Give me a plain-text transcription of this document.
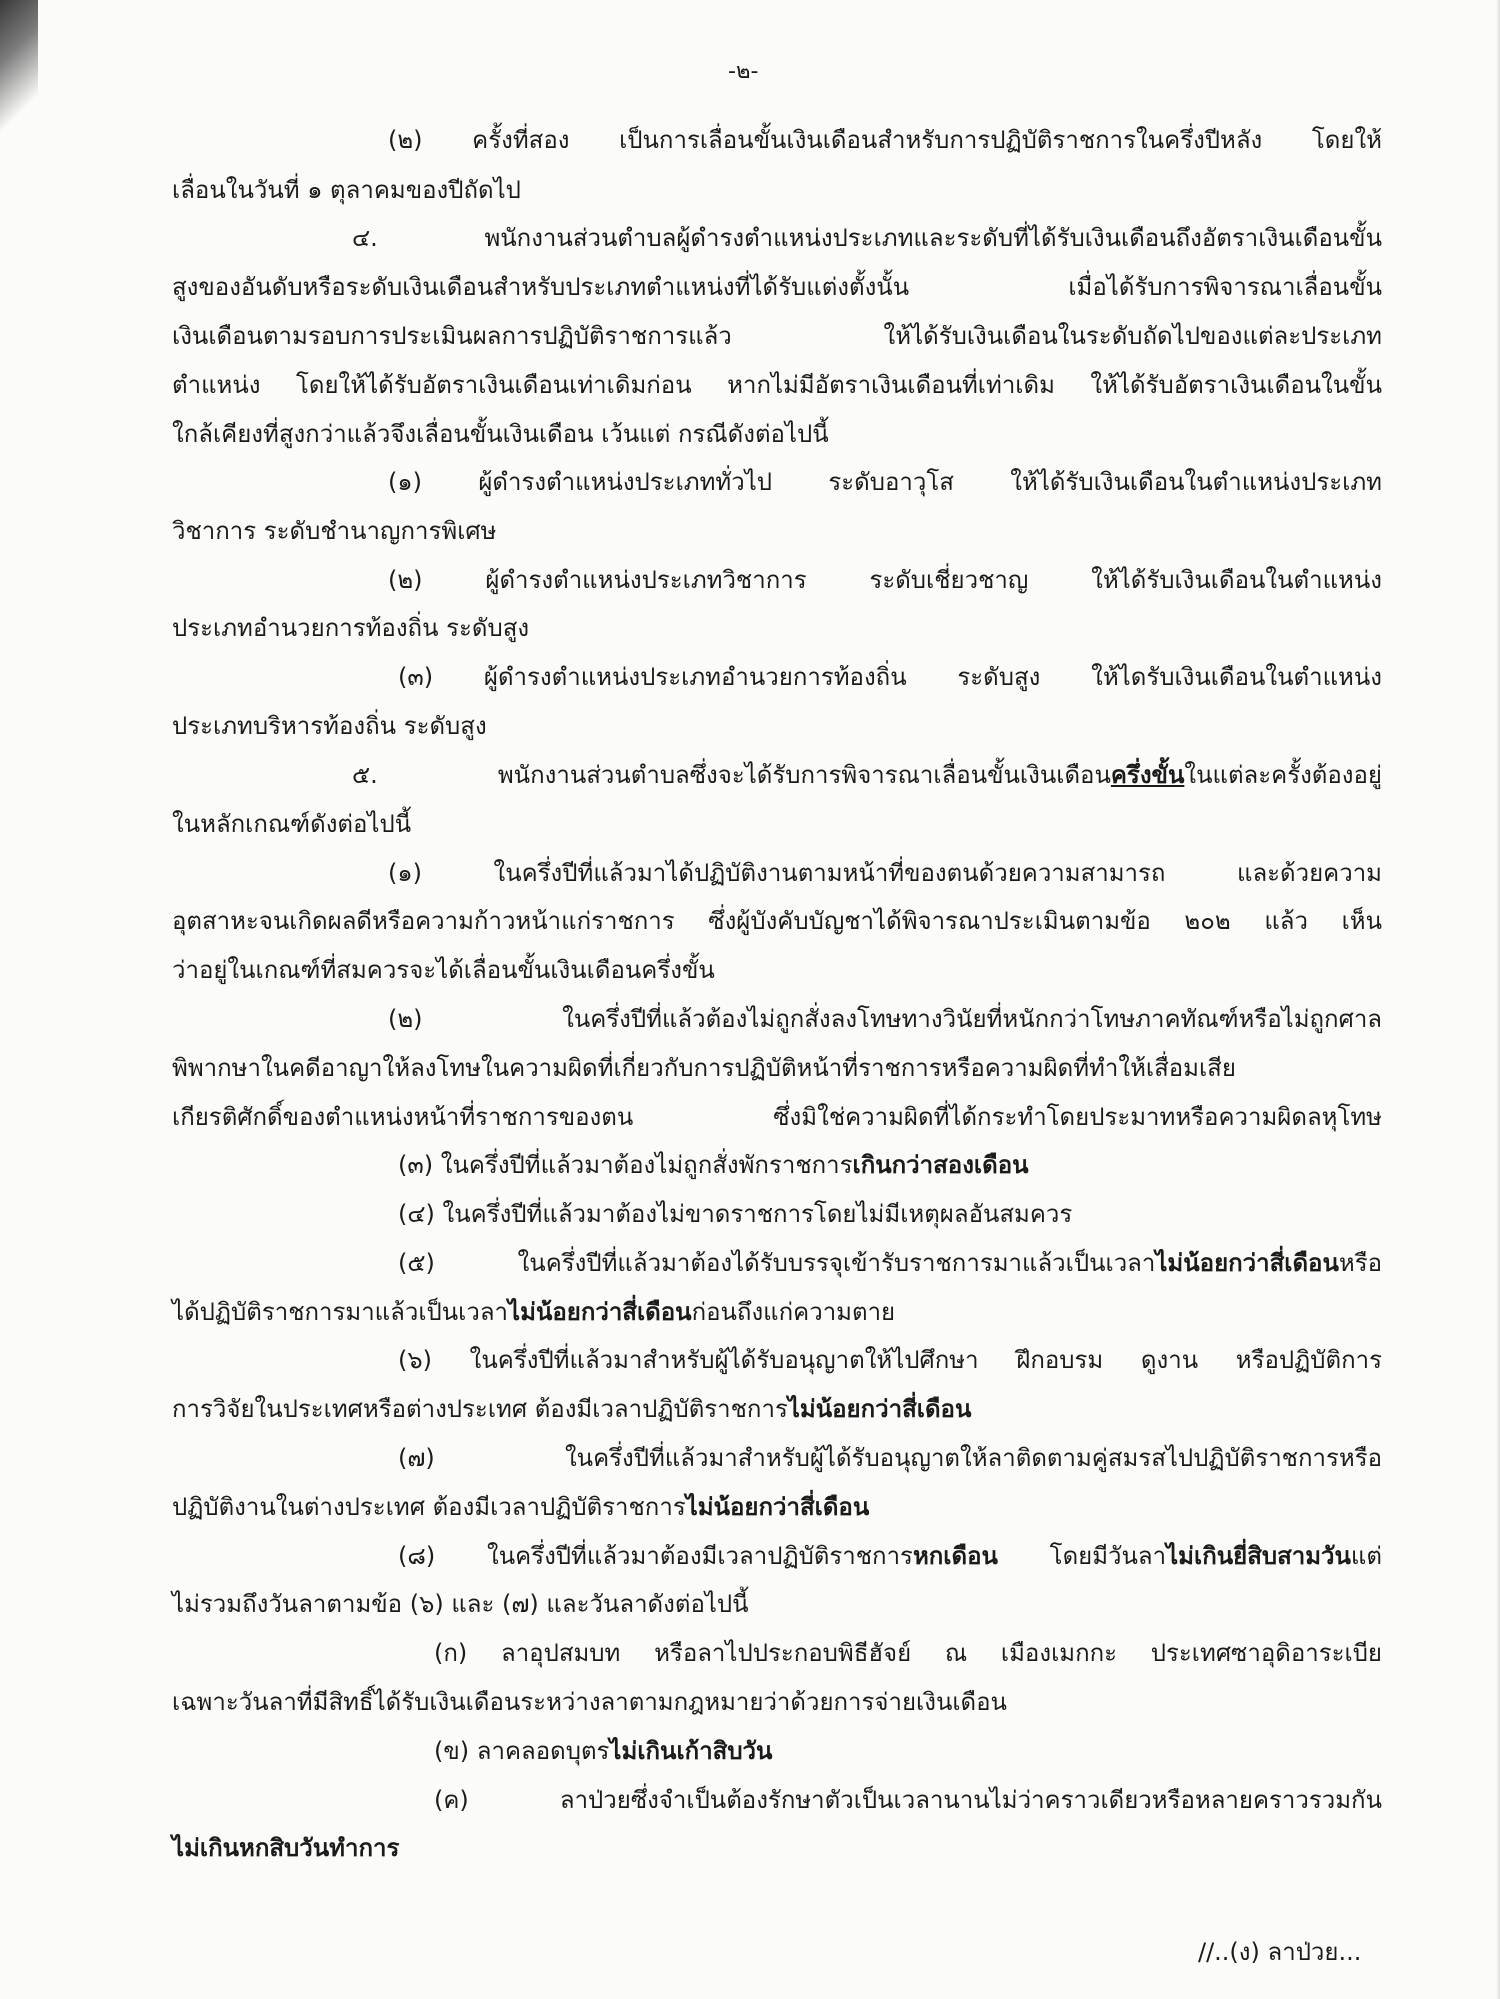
-๒-
(๒) ครั้งที่สอง เป็นการเลื่อนขั้นเงินเดือนสำหรับการปฏิบัติราชการในครึ่งปีหลัง โดยให้
เลื่อนในวันที่ ๑ ตุลาคมของปีถัดไป
๔. พนักงานส่วนตำบลผู้ดำรงตำแหน่งประเภทและระดับที่ได้รับเงินเดือนถึงอัตราเงินเดือนขั้น
สูงของอันดับหรือระดับเงินเดือนสำหรับประเภทตำแหน่งที่ได้รับแต่งตั้งนั้น เมื่อได้รับการพิจารณาเลื่อนขั้น
เงินเดือนตามรอบการประเมินผลการปฏิบัติราชการแล้ว ให้ได้รับเงินเดือนในระดับถัดไปของแต่ละประเภท
ตำแหน่ง โดยให้ได้รับอัตราเงินเดือนเท่าเดิมก่อน หากไม่มีอัตราเงินเดือนที่เท่าเดิม ให้ได้รับอัตราเงินเดือนในขั้น
ใกล้เคียงที่สูงกว่าแล้วจึงเลื่อนขั้นเงินเดือน เว้นแต่ กรณีดังต่อไปนี้
(๑) ผู้ดำรงตำแหน่งประเภททั่วไป ระดับอาวุโส ให้ได้รับเงินเดือนในตำแหน่งประเภท
วิชาการ ระดับชำนาญการพิเศษ
(๒) ผู้ดำรงตำแหน่งประเภทวิชาการ ระดับเชี่ยวชาญ ให้ได้รับเงินเดือนในตำแหน่ง
ประเภทอำนวยการท้องถิ่น ระดับสูง
(๓) ผู้ดำรงตำแหน่งประเภทอำนวยการท้องถิ่น ระดับสูง ให้ไดรับเงินเดือนในตำแหน่ง
ประเภทบริหารท้องถิ่น ระดับสูง
๕. พนักงานส่วนตำบลซึ่งจะได้รับการพิจารณาเลื่อนขั้นเงินเดือนครึ่งขั้นในแต่ละครั้งต้องอยู่
ในหลักเกณฑ์ดังต่อไปนี้
(๑) ในครึ่งปีที่แล้วมาได้ปฏิบัติงานตามหน้าที่ของตนด้วยความสามารถ และด้วยความ
อุตสาหะจนเกิดผลดีหรือความก้าวหน้าแก่ราชการ ซึ่งผู้บังคับบัญชาได้พิจารณาประเมินตามข้อ ๒๐๒ แล้ว เห็น
ว่าอยู่ในเกณฑ์ที่สมควรจะได้เลื่อนขั้นเงินเดือนครึ่งขั้น
(๒) ในครึ่งปีที่แล้วต้องไม่ถูกสั่งลงโทษทางวินัยที่หนักกว่าโทษภาคทัณฑ์หรือไม่ถูกศาล
พิพากษาในคดีอาญาให้ลงโทษในความผิดที่เกี่ยวกับการปฏิบัติหน้าที่ราชการหรือความผิดที่ทำให้เสื่อมเสีย
เกียรติศักดิ์ของตำแหน่งหน้าที่ราชการของตน ซึ่งมิใช่ความผิดที่ได้กระทำโดยประมาทหรือความผิดลหุโทษ
(๓) ในครึ่งปีที่แล้วมาต้องไม่ถูกสั่งพักราชการเกินกว่าสองเดือน
(๔) ในครึ่งปีที่แล้วมาต้องไม่ขาดราชการโดยไม่มีเหตุผลอันสมควร
(๕) ในครึ่งปีที่แล้วมาต้องได้รับบรรจุเข้ารับราชการมาแล้วเป็นเวลาไม่น้อยกว่าสี่เดือนหรือ
ได้ปฏิบัติราชการมาแล้วเป็นเวลาไม่น้อยกว่าสี่เดือนก่อนถึงแก่ความตาย
(๖) ในครึ่งปีที่แล้วมาสำหรับผู้ได้รับอนุญาตให้ไปศึกษา ฝึกอบรม ดูงาน หรือปฏิบัติการ
การวิจัยในประเทศหรือต่างประเทศ ต้องมีเวลาปฏิบัติราชการไม่น้อยกว่าสี่เดือน
(๗) ในครึ่งปีที่แล้วมาสำหรับผู้ได้รับอนุญาตให้ลาติดตามคู่สมรสไปปฏิบัติราชการหรือ
ปฏิบัติงานในต่างประเทศ ต้องมีเวลาปฏิบัติราชการไม่น้อยกว่าสี่เดือน
(๘) ในครึ่งปีที่แล้วมาต้องมีเวลาปฏิบัติราชการหกเดือน โดยมีวันลาไม่เกินยี่สิบสามวันแต่
ไม่รวมถึงวันลาตามข้อ (๖) และ (๗) และวันลาดังต่อไปนี้
(ก) ลาอุปสมบท หรือลาไปประกอบพิธีฮัจย์ ณ เมืองเมกกะ ประเทศซาอุดิอาระเบีย
เฉพาะวันลาที่มีสิทธิ์ได้รับเงินเดือนระหว่างลาตามกฎหมายว่าด้วยการจ่ายเงินเดือน
(ข) ลาคลอดบุตรไม่เกินเก้าสิบวัน
(ค) ลาป่วยซึ่งจำเป็นต้องรักษาตัวเป็นเวลานานไม่ว่าคราวเดียวหรือหลายคราวรวมกัน
ไม่เกินหกสิบวันทำการ
//..(ง) ลาป่วย...
